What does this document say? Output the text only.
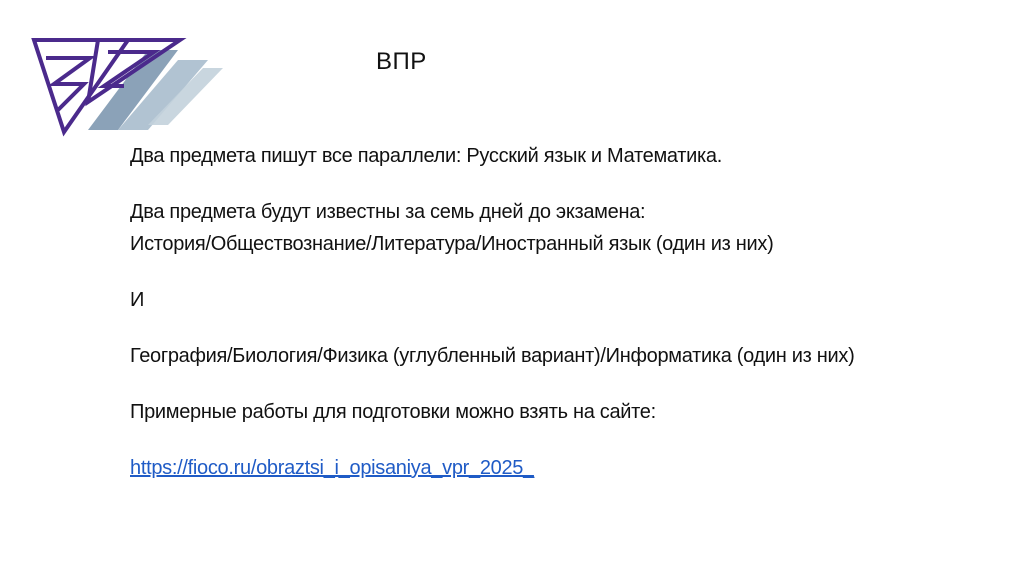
ВПР
Два предмета пишут все параллели: Русский язык и Математика.
Два предмета будут известны за семь дней до экзамена:
История/Обществознание/Литература/Иностранный язык (один из них)
И
География/Биология/Физика (углубленный вариант)/Информатика (один из них)
Примерные работы для подготовки можно взять на сайте:
https://fioco.ru/obraztsi_i_opisaniya_vpr_2025_
